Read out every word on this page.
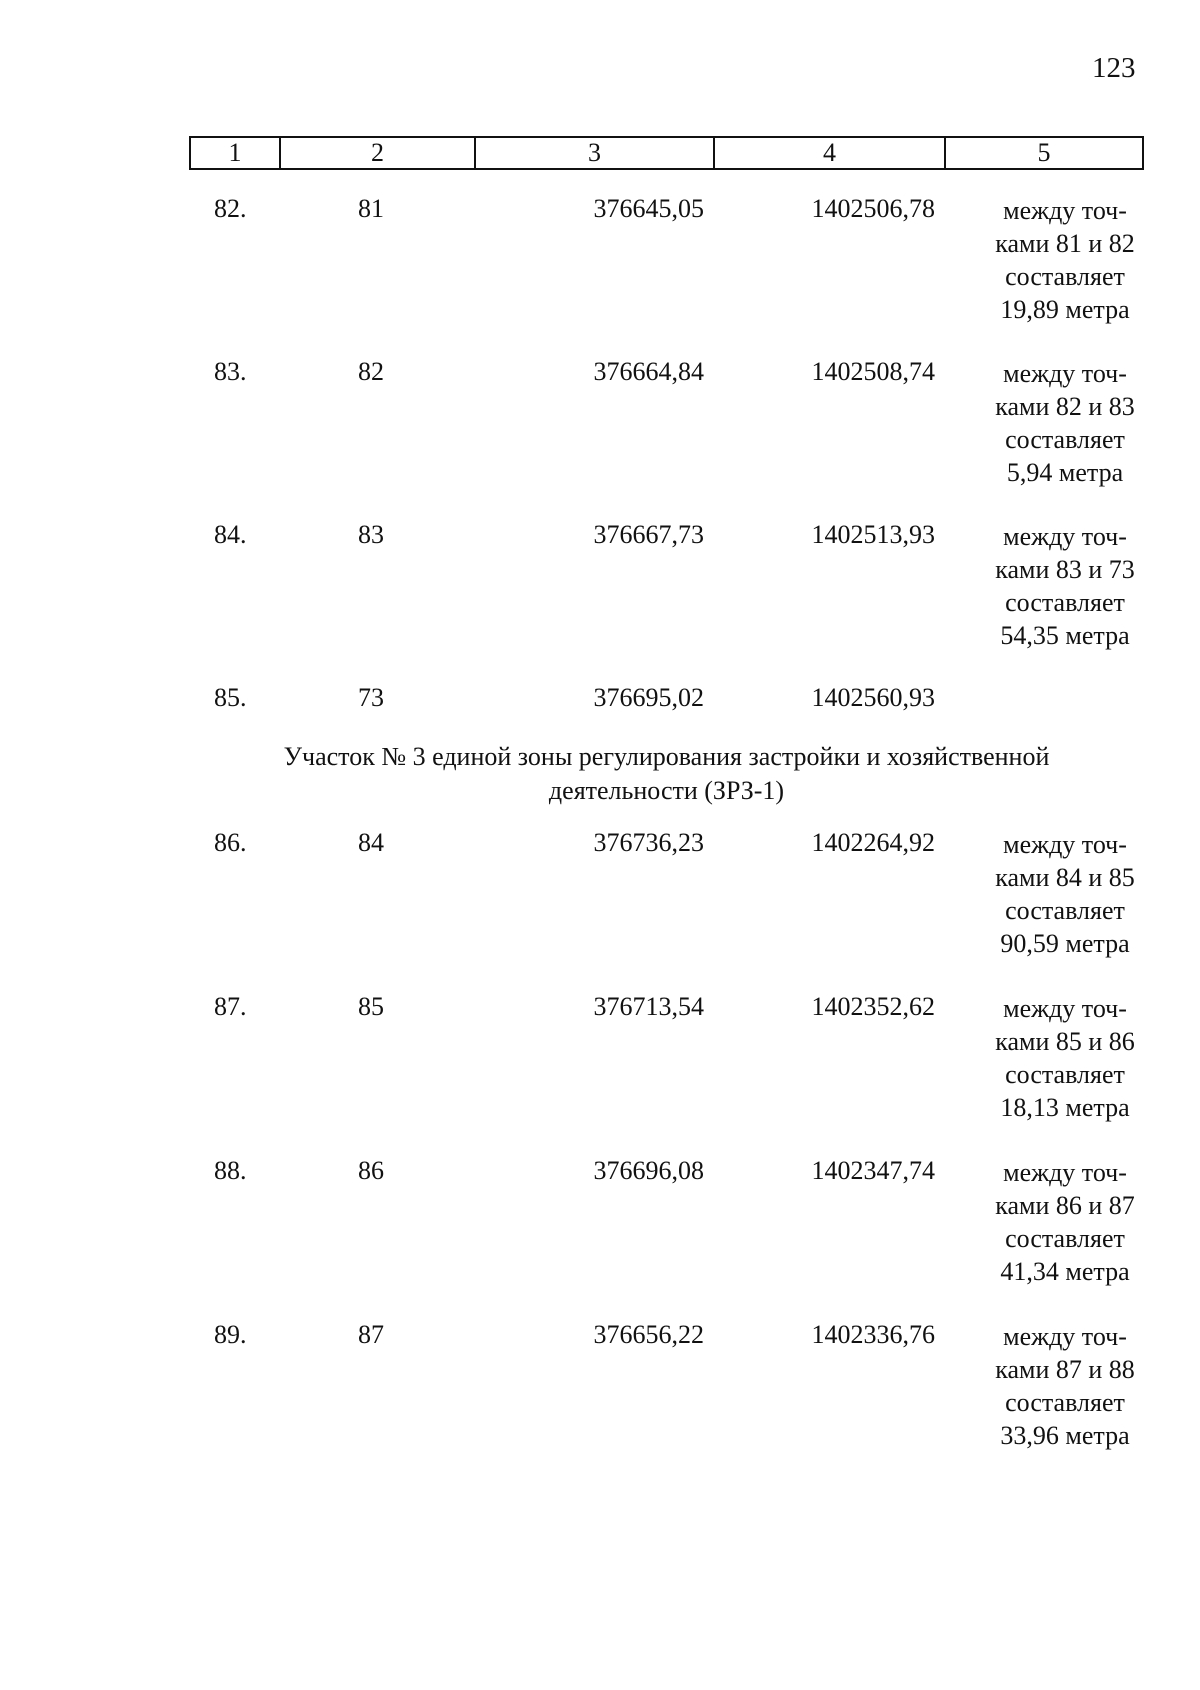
123
1	2	3	4	5
82.	81	376645,05	1402506,78	между точ-
ками 81 и 82
составляет
19,89 метра
83.	82	376664,84	1402508,74	между точ-
ками 82 и 83
составляет
5,94 метра
84.	83	376667,73	1402513,93	между точ-
ками 83 и 73
составляет
54,35 метра
85.	73	376695,02	1402560,93
Участок № 3 единой зоны регулирования застройки и хозяйственной
деятельности (ЗРЗ-1)
86.	84	376736,23	1402264,92	между точ-
ками 84 и 85
составляет
90,59 метра
87.	85	376713,54	1402352,62	между точ-
ками 85 и 86
составляет
18,13 метра
88.	86	376696,08	1402347,74	между точ-
ками 86 и 87
составляет
41,34 метра
89.	87	376656,22	1402336,76	между точ-
ками 87 и 88
составляет
33,96 метра
